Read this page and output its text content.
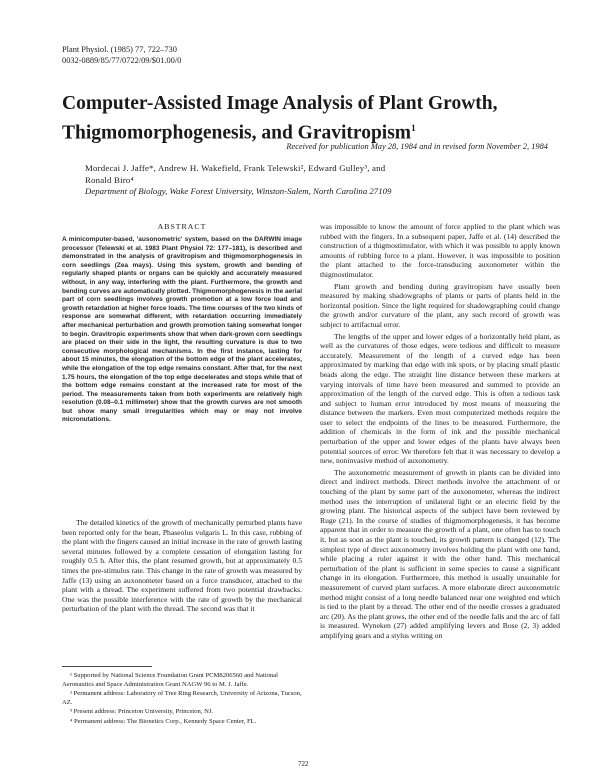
Plant Physiol. (1985) 77, 722–730
0032-0889/85/77/0722/09/$01.00/0
Computer-Assisted Image Analysis of Plant Growth,
Thigmomorphogenesis, and Gravitropism$^1$
Received for publication May 28, 1984 and in revised form November 2, 1984
Mordecai J. Jaffe*, Andrew H. Wakefield, Frank Telewski², Edward Gulley³, and
Ronald Biro⁴
Department of Biology, Wake Forest University, Winston-Salem, North Carolina 27109
ABSTRACT
A minicomputer-based, 'ausonometric' system, based on the DARWIN image processor (Telewski et al. 1983 Plant Physiol 72: 177–181), is described and demonstrated in the analysis of gravitropism and thigmomorphogenesis in corn seedlings (Zea mays). Using this system, growth and bending of regularly shaped plants or organs can be quickly and accurately measured without, in any way, interfering with the plant. Furthermore, the growth and bending curves are automatically plotted. Thigmomorphogenesis in the aerial part of corn seedlings involves growth promotion at a low force load and growth retardation at higher force loads. The time courses of the two kinds of response are somewhat different, with retardation occurring immediately after mechanical perturbation and growth promotion taking somewhat longer to begin. Gravitropic experiments show that when dark-grown corn seedlings are placed on their side in the light, the resulting curvature is due to two consecutive morphological mechanisms. In the first instance, lasting for about 15 minutes, the elongation of the bottom edge of the plant accelerates, while the elongation of the top edge remains constant. After that, for the next 1.75 hours, the elongation of the top edge decelerates and stops while that of the bottom edge remains constant at the increased rate for most of the period. The measurements taken from both experiments are relatively high resolution (0.08–0.1 millimeter) show that the growth curves are not smooth but show many small irregularities which may or may not involve micronutations.

The detailed kinetics of the growth of mechanically perturbed plants have been reported only for the bean, Phaseolus vulgaris L. In this case, rubbing of the plant with the fingers caused an initial increase in the rate of growth lasting several minutes followed by a complete cessation of elongation lasting for roughly 0.5 h. After this, the plant resumed growth, but at approximately 0.5 times the pre-stimulus rate. This change in the rate of growth was measured by Jaffe (13) using an auxonometer based on a force transducer, attached to the plant with a thread. The experiment suffered from two potential drawbacks. One was the possible interference with the rate of growth by the mechanical perturbation of the plant with the thread. The second was that it

¹ Supported by National Science Foundation Grant PCM8206560 and National Aeronautics and Space Administration Grant NAGW 96 to M. J. Jaffe.

² Permanent address: Laboratory of Tree Ring Research, University of Arizona, Tucson, AZ.

³ Present address: Princeton University, Princeton, NJ.

⁴ Permanent address: The Bionetics Corp., Kennedy Space Center, FL.

was impossible to know the amount of force applied to the plant which was rubbed with the fingers. In a subsequent paper, Jaffe et al. (14) described the construction of a thigmostimulator, with which it was possible to apply known amounts of rubbing force to a plant. However, it was impossible to position the plant attached to the force-transducing auxonometer within the thigmostimulator.

Plant growth and bending during gravitropism have usually been measured by making shadowgraphs of plants or parts of plants held in the horizontal position. Since the light required for shadowgraphing could change the growth and/or curvature of the plant, any such record of growth was subject to artifactual error.

The lengths of the upper and lower edges of a horizontally held plant, as well as the curvatures of those edges, were tedious and difficult to measure accurately. Measurement of the length of a curved edge has been approximated by marking that edge with ink spots, or by placing small plastic beads along the edge. The straight line distance between these markers at varying intervals of time have been measured and summed to provide an approximation of the length of the curved edge. This is often a tedious task and subject to human error introduced by most means of measuring the distance between the markers. Even most computerized methods require the user to select the endpoints of the lines to be measured. Furthermore, the addition of chemicals in the form of ink and the possible mechanical perturbation of the upper and lower edges of the plants have always been potential sources of error. We therefore felt that it was necessary to develop a new, noninvasive method of auxonometry.

The auxonometric measurement of growth in plants can be divided into direct and indirect methods. Direct methods involve the attachment of or touching of the plant by some part of the auxonometer, whereas the indirect method uses the interruption of unilateral light or an electric field by the growing plant. The historical aspects of the subject have been reviewed by Ruge (21). In the course of studies of thigmomorphogenesis, it has become apparent that in order to measure the growth of a plant, one often has to touch it, but as soon as the plant is touched, its growth pattern is changed (12). The simplest type of direct auxonometry involves holding the plant with one hand, while placing a ruler against it with the other hand. This mechanical perturbation of the plant is sufficient in some species to cause a significant change in its elongation. Furthermore, this method is usually unsuitable for measurement of curved plant surfaces. A more elaborate direct auxonometric method might consist of a long needle balanced near one weighted end which is tied to the plant by a thread. The other end of the needle crosses a graduated arc (20). As the plant grows, the other end of the needle falls and the arc of fall is measured. Wyneken (27) added amplifying levers and Bose (2, 3) added amplifying gears and a stylus writing on

722
